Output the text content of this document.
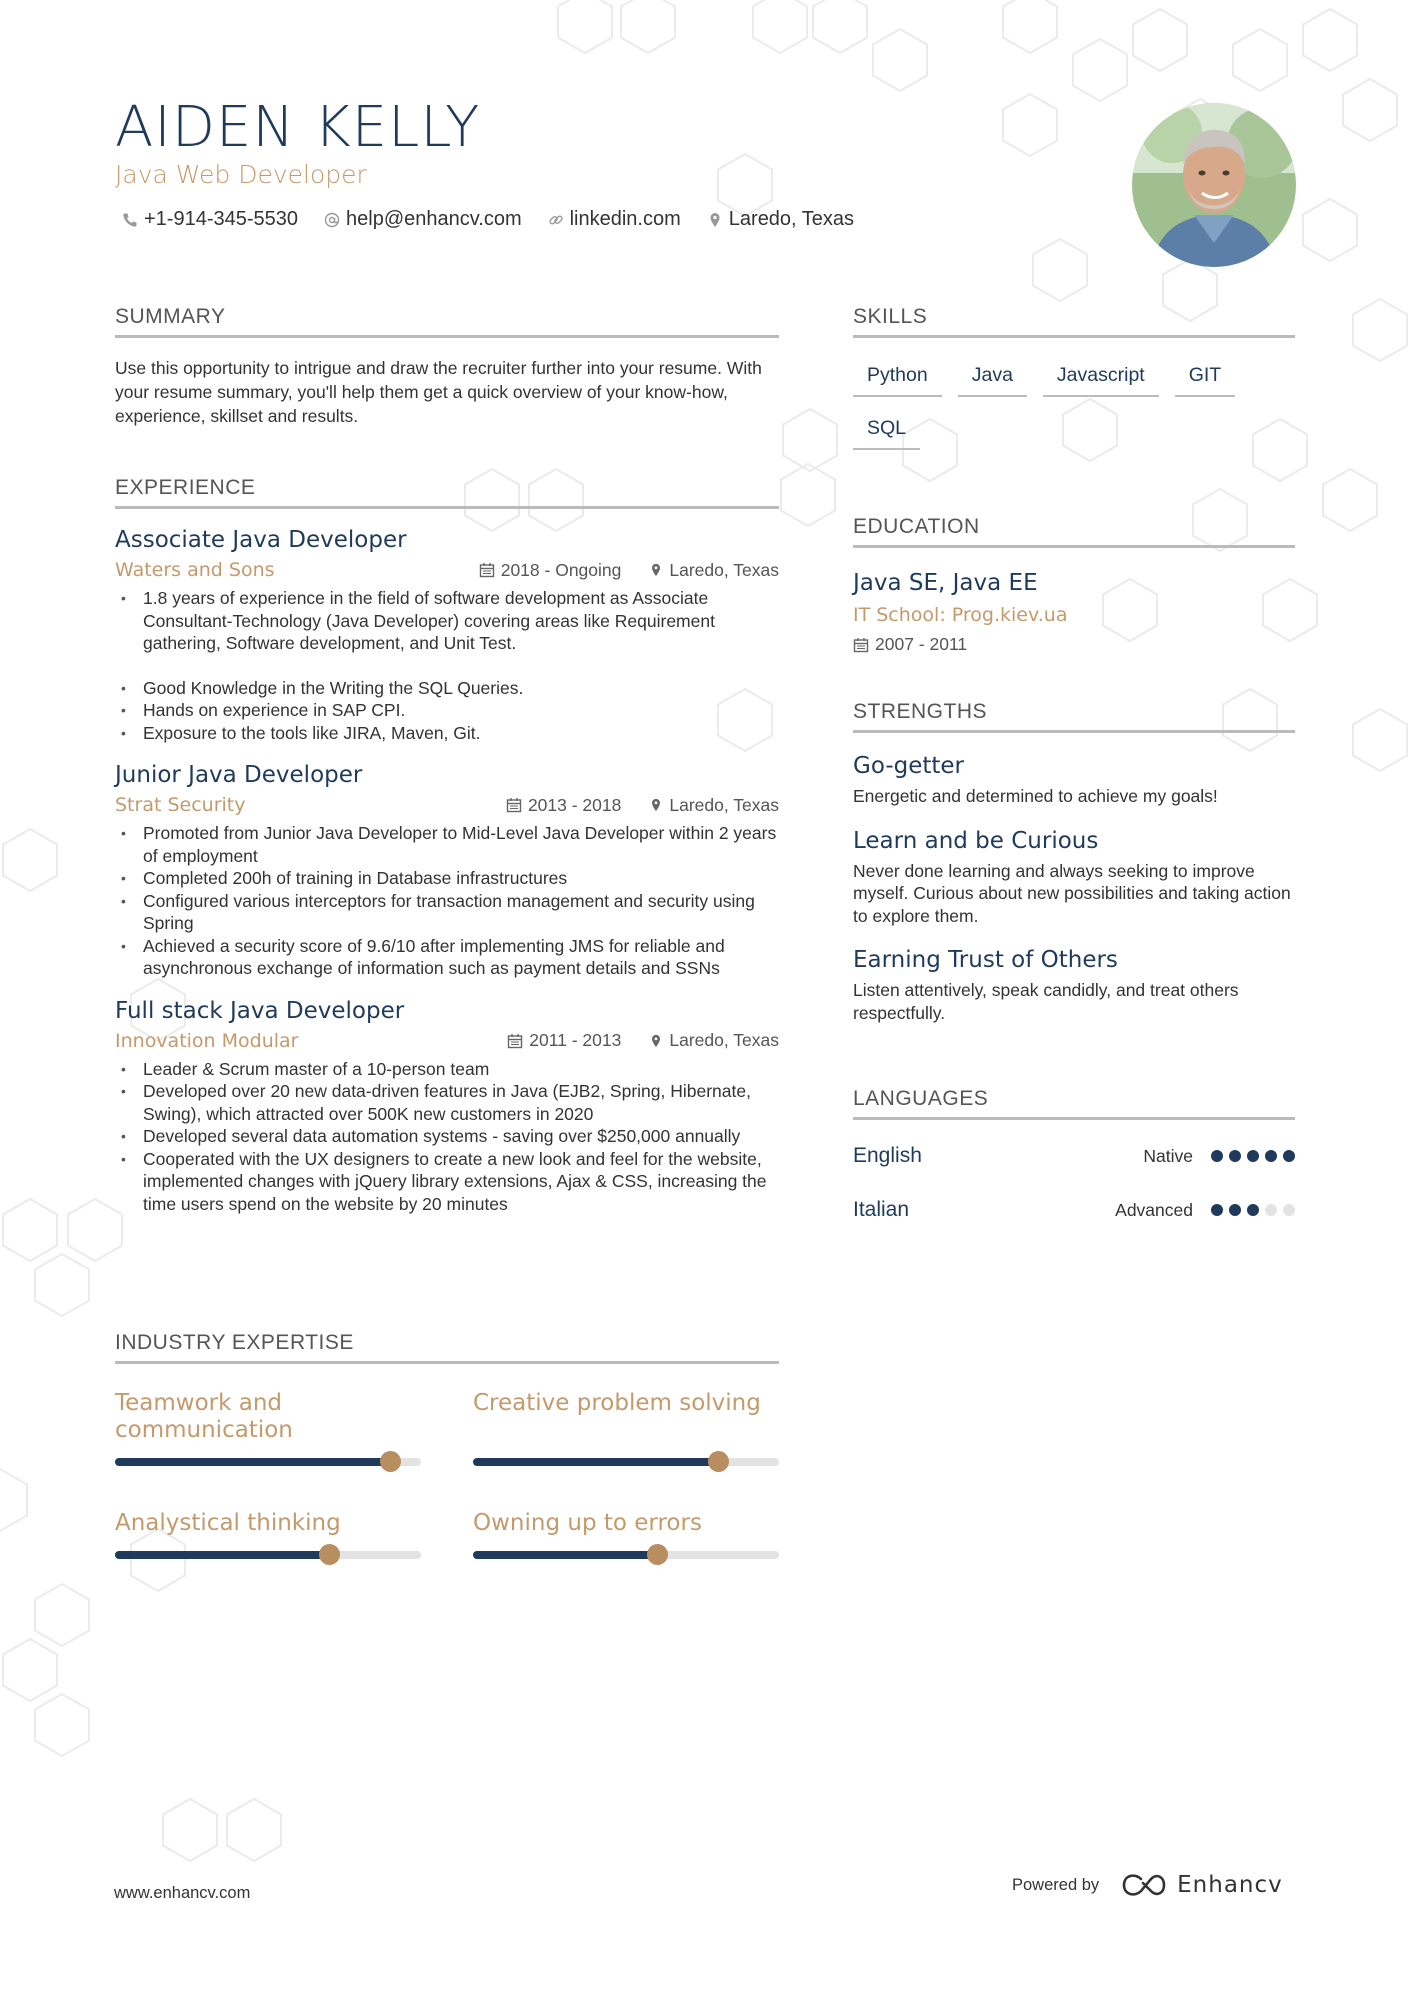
AIDEN KELLY
Java Web Developer
+1-914-345-5530 help@enhancv.com linkedin.com Laredo, Texas
SUMMARY
Use this opportunity to intrigue and draw the recruiter further into your resume. With your resume summary, you'll help them get a quick overview of your know-how, experience, skillset and results.
EXPERIENCE
Associate Java Developer
Waters and Sons	2018 - Ongoing	Laredo, Texas
• 1.8 years of experience in the field of software development as Associate Consultant-Technology (Java Developer) covering areas like Requirement gathering, Software development, and Unit Test.
• Good Knowledge in the Writing the SQL Queries.
• Hands on experience in SAP CPI.
• Exposure to the tools like JIRA, Maven, Git.
Junior Java Developer
Strat Security	2013 - 2018	Laredo, Texas
• Promoted from Junior Java Developer to Mid-Level Java Developer within 2 years of employment
• Completed 200h of training in Database infrastructures
• Configured various interceptors for transaction management and security using Spring
• Achieved a security score of 9.6/10 after implementing JMS for reliable and asynchronous exchange of information such as payment details and SSNs
Full stack Java Developer
Innovation Modular	2011 - 2013	Laredo, Texas
• Leader & Scrum master of a 10-person team
• Developed over 20 new data-driven features in Java (EJB2, Spring, Hibernate, Swing), which attracted over 500K new customers in 2020
• Developed several data automation systems - saving over $250,000 annually
• Cooperated with the UX designers to create a new look and feel for the website, implemented changes with jQuery library extensions, Ajax & CSS, increasing the time users spend on the website by 20 minutes
INDUSTRY EXPERTISE
Teamwork and communication
Creative problem solving
Analystical thinking	Owning up to errors
SKILLS
Python	Java	Javascript	GIT
SQL
EDUCATION
Java SE, Java EE
IT School: Prog.kiev.ua
2007 - 2011
STRENGTHS
Go-getter
Energetic and determined to achieve my goals!
Learn and be Curious
Never done learning and always seeking to improve myself. Curious about new possibilities and taking action to explore them.
Earning Trust of Others
Listen attentively, speak candidly, and treat others respectfully.
LANGUAGES
English	Native
Italian	Advanced
www.enhancv.com	Powered by	Enhancv
